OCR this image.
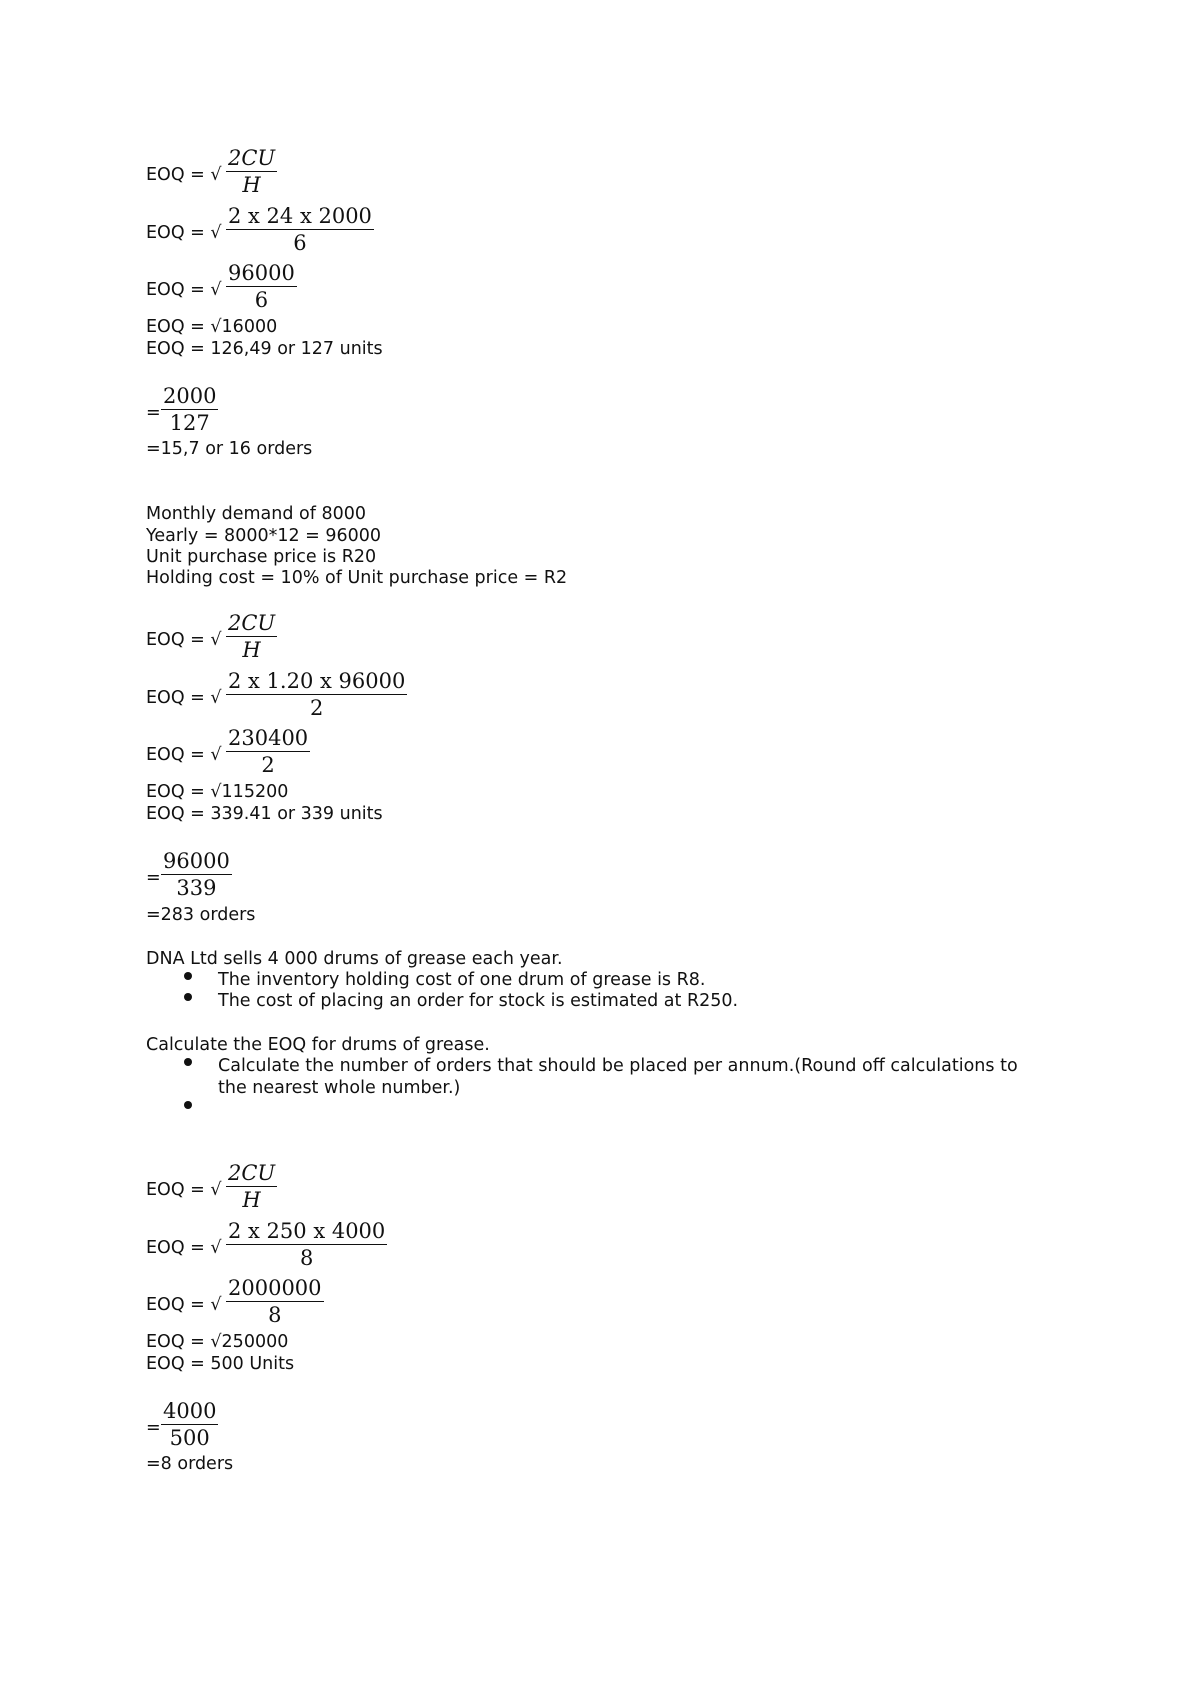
EOQ = √ $\frac{2CU}{H}$
EOQ = √ $\frac{2 x 24 x 2000}{6}$
EOQ = √ $\frac{96000}{6}$
EOQ = √16000
EOQ = 126,49 or 127 units
= $\frac{2000}{127}$
=15,7 or 16 orders
Monthly demand of 8000
Yearly = 8000*12 = 96000
Unit purchase price is R20
Holding cost = 10% of Unit purchase price = R2
EOQ = √ $\frac{2CU}{H}$
EOQ = √ $\frac{2 x 1.20 x 96000}{2}$
EOQ = √ $\frac{230400}{2}$
EOQ = √115200
EOQ = 339.41 or 339 units
= $\frac{96000}{339}$
=283 orders
DNA Ltd sells 4 000 drums of grease each year.
The inventory holding cost of one drum of grease is R8.
The cost of placing an order for stock is estimated at R250.
Calculate the EOQ for drums of grease.
Calculate the number of orders that should be placed per annum.(Round off calculations to
the nearest whole number.)
EOQ = √ $\frac{2CU}{H}$
EOQ = √ $\frac{2 x 250 x 4000}{8}$
EOQ = √ $\frac{2000000}{8}$
EOQ = √250000
EOQ = 500 Units
= $\frac{4000}{500}$
=8 orders
